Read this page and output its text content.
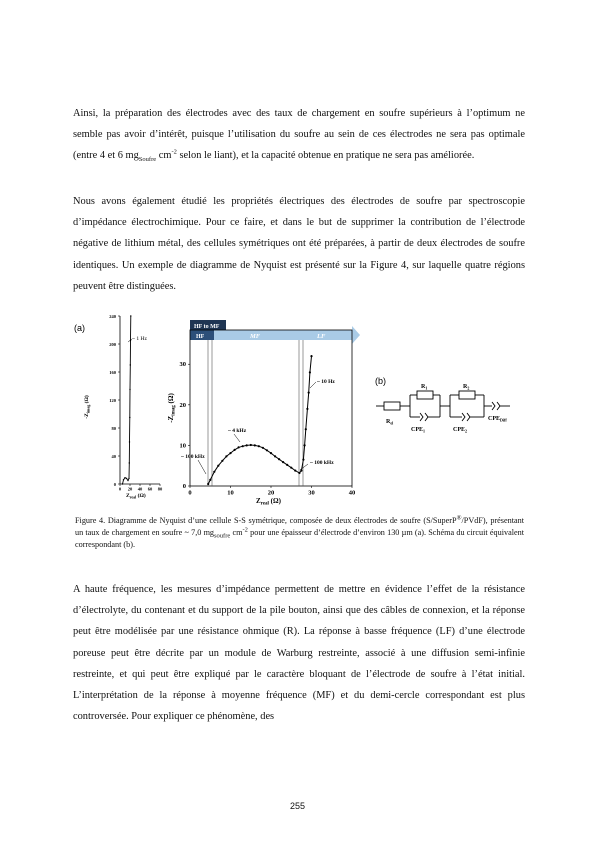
Ainsi, la préparation des électrodes avec des taux de chargement en soufre supérieurs à l’optimum ne semble pas avoir d’intérêt, puisque l’utilisation du soufre au sein de ces électrodes ne sera pas optimale (entre 4 et 6 $mg_{Soufre}$ $cm^{-2}$ selon le liant), et la capacité obtenue en pratique ne sera pas améliorée.

Nous avons également étudié les propriétés électriques des électrodes de soufre par spectroscopie d’impédance électrochimique. Pour ce faire, et dans le but de supprimer la contribution de l’électrode négative de lithium métal, des cellules symétriques ont été préparées, à partir de deux électrodes de soufre identiques. Un exemple de diagramme de Nyquist est présenté sur la Figure 4, sur laquelle quatre régions peuvent être distinguées.

(a)
(b)
0
40
80
120
160
200
240
0 20 40 60 80
$-Z_{imag}$ (Ω)
$Z_{real}$ (Ω)
~ 1 Hz
HF to MF
HF	MF	LF
0
10
20
30
0	10	20	30	40
$-Z_{imag}$ (Ω)
$Z_{real}$ (Ω)
~ 100 kHz
~ 4 kHz
~ 100 kHz
~ 10 Hz
$R_{el}$
$R_1$	$R_2$
$CPE_1$	$CPE_2$
$CPE_{Diff}$

Figure 4. Diagramme de Nyquist d’une cellule S-S symétrique, composée de deux électrodes de soufre (S/SuperP®/PVdF), présentant un taux de chargement en soufre ~ 7,0 $mg_{soufre}$ $cm^{-2}$ pour une épaisseur d’électrode d’environ 130 µm (a). Schéma du circuit équivalent correspondant (b).

A haute fréquence, les mesures d’impédance permettent de mettre en évidence l’effet de la résistance d’électrolyte, du contenant et du support de la pile bouton, ainsi que des câbles de connexion, et la réponse peut être modélisée par une résistance ohmique (R). La réponse à basse fréquence (LF) d’une électrode poreuse peut être décrite par un module de Warburg restreinte, associé à une diffusion semi-infinie restreinte, et qui peut être expliqué par le caractère bloquant de l’électrode de soufre à l’état initial. L’interprétation de la réponse à moyenne fréquence (MF) et du demi-cercle correspondant est plus controversée. Pour expliquer ce phénomène, des

255
